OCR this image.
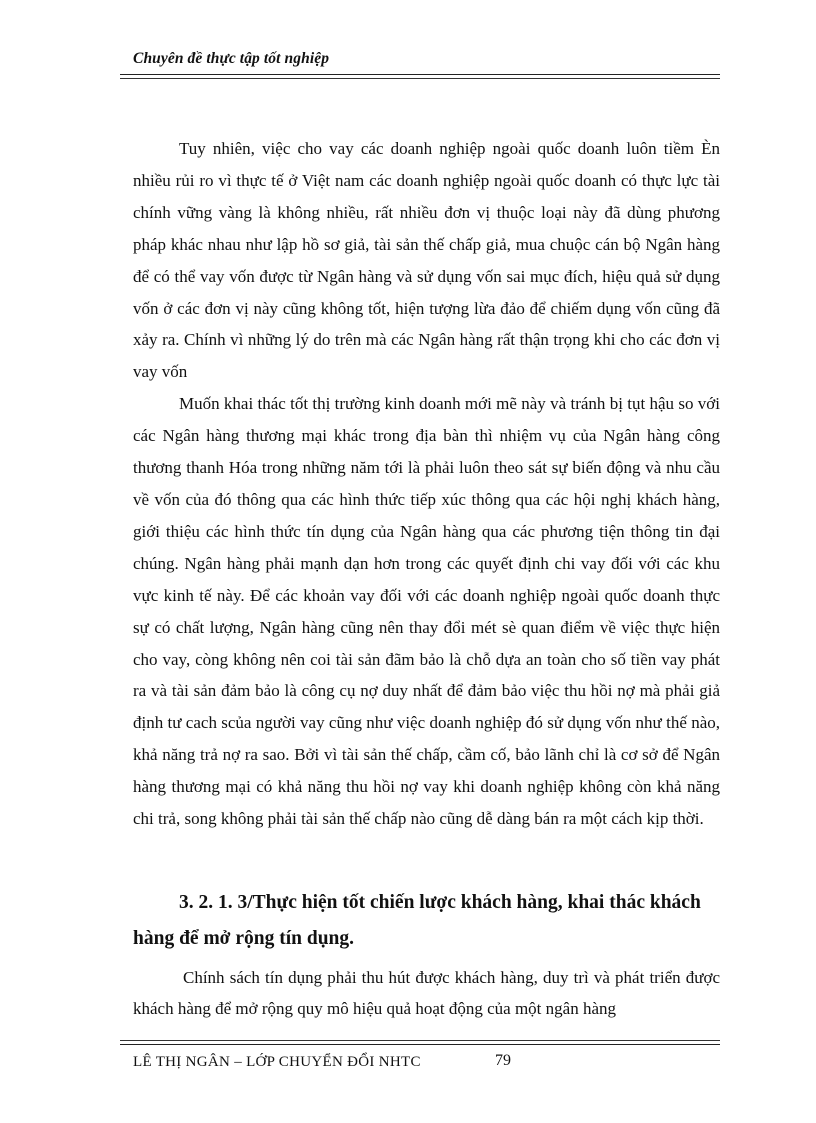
Chuyên đề thực tập tốt nghiệp

Tuy nhiên, việc cho vay các doanh nghiệp ngoài quốc doanh luôn tiềm Èn nhiều rủi ro vì thực tế ở Việt nam các doanh nghiệp ngoài quốc doanh có thực lực tài chính vững vàng là không nhiều, rất nhiều đơn vị thuộc loại này đã dùng phương pháp khác nhau như lập hồ sơ giả, tài sản thế chấp giả, mua chuộc cán bộ Ngân hàng để có thể vay vốn được từ Ngân hàng và sử dụng vốn sai mục đích, hiệu quả sử dụng vốn ở các đơn vị này cũng không tốt, hiện tượng lừa đảo để chiếm dụng vốn cũng đã xảy ra. Chính vì những lý do trên mà các Ngân hàng rất thận trọng khi cho các đơn vị vay vốn

Muốn khai thác tốt thị trường kinh doanh mới mẽ này và tránh bị tụt hậu so với các Ngân hàng thương mại khác trong địa bàn thì nhiệm vụ của Ngân hàng công thương thanh Hóa trong những năm tới là phải luôn theo sát sự biến động và nhu cầu về vốn của đó thông qua các hình thức tiếp xúc thông qua các hội nghị khách hàng, giới thiệu các hình thức tín dụng của Ngân hàng qua các phương tiện thông tin đại chúng. Ngân hàng phải mạnh dạn hơn trong các quyết định chi vay đối với các khu vực kinh tế này. Để các khoản vay đối với các doanh nghiệp ngoài quốc doanh thực sự có chất lượng, Ngân hàng cũng nên thay đổi mét sè quan điểm về việc thực hiện cho vay, còng không nên coi tài sản đãm bảo là chỗ dựa an toàn cho số tiền vay phát ra và tài sản đảm bảo là công cụ nợ duy nhất để đảm bảo việc thu hồi nợ mà phải giả định tư cach scủa người vay cũng như việc doanh nghiệp đó sử dụng vốn như thế nào, khả năng trả nợ ra sao. Bởi vì tài sản thế chấp, cầm cố, bảo lãnh chỉ là cơ sở để Ngân hàng thương mại có khả năng thu hồi nợ vay khi doanh nghiệp không còn khả năng chi trả, song không phải tài sản thế chấp nào cũng dễ dàng bán ra một cách kịp thời.

3. 2. 1. 3/Thực hiện tốt chiến lược khách hàng, khai thác khách hàng để mở rộng tín dụng.

Chính sách tín dụng phải thu hút được khách hàng, duy trì và phát triển được khách hàng để mở rộng quy mô hiệu quả hoạt động của một ngân hàng

LÊ THỊ NGÂN – LỚP CHUYỂN ĐỔI NHTC	79
